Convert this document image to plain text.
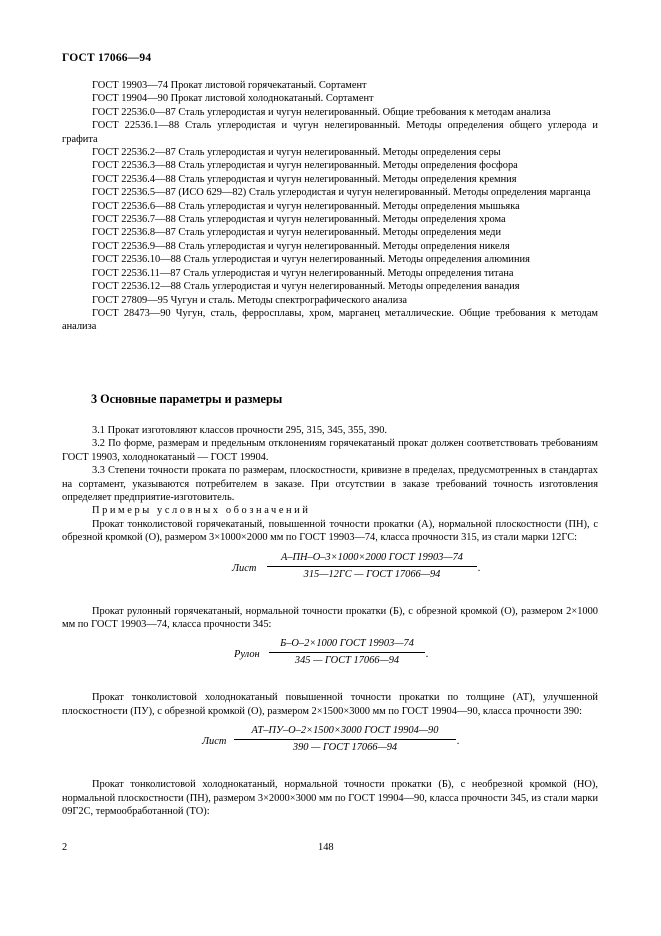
ГОСТ 17066—94

ГОСТ 19903—74 Прокат листовой горячекатаный. Сортамент

ГОСТ 19904—90 Прокат листовой холоднокатаный. Сортамент

ГОСТ 22536.0—87 Сталь углеродистая и чугун нелегированный. Общие требования к методам анализа

ГОСТ 22536.1—88 Сталь углеродистая и чугун нелегированный. Методы определения общего углерода и графита

ГОСТ 22536.2—87 Сталь углеродистая и чугун нелегированный. Методы определения серы

ГОСТ 22536.3—88 Сталь углеродистая и чугун нелегированный. Методы определения фосфора

ГОСТ 22536.4—88 Сталь углеродистая и чугун нелегированный. Методы определения кремния

ГОСТ 22536.5—87 (ИСО 629—82) Сталь углеродистая и чугун нелегированный. Методы определения марганца

ГОСТ 22536.6—88 Сталь углеродистая и чугун нелегированный. Методы определения мышьяка

ГОСТ 22536.7—88 Сталь углеродистая и чугун нелегированный. Методы определения хрома

ГОСТ 22536.8—87 Сталь углеродистая и чугун нелегированный. Методы определения меди

ГОСТ 22536.9—88 Сталь углеродистая и чугун нелегированный. Методы определения никеля

ГОСТ 22536.10—88 Сталь углеродистая и чугун нелегированный. Методы определения алюминия

ГОСТ 22536.11—87 Сталь углеродистая и чугун нелегированный. Методы определения титана

ГОСТ 22536.12—88 Сталь углеродистая и чугун нелегированный. Методы определения ванадия

ГОСТ 27809—95 Чугун и сталь. Методы спектрографического анализа

ГОСТ 28473—90 Чугун, сталь, ферросплавы, хром, марганец металлические. Общие требования к методам анализа

3 Основные параметры и размеры

3.1 Прокат изготовляют классов прочности 295, 315, 345, 355, 390.

3.2 По форме, размерам и предельным отклонениям горячекатаный прокат должен соответствовать требованиям ГОСТ 19903, холоднокатаный — ГОСТ 19904.

3.3 Степени точности проката по размерам, плоскостности, кривизне в пределах, предусмотренных в стандартах на сортамент, указываются потребителем в заказе. При отсутствии в заказе требований точность изготовления определяет предприятие-изготовитель.

Примеры условных обозначений

Прокат тонколистовой горячекатаный, повышенной точности прокатки (А), нормальной плоскостности (ПН), с обрезной кромкой (О), размером 3×1000×2000 мм по ГОСТ 19903—74, класса прочности 315, из стали марки 12ГС:

Лист
А–ПН–О–3×1000×2000 ГОСТ 19903—74
315—12ГС — ГОСТ 17066—94
.

Прокат рулонный горячекатаный, нормальной точности прокатки (Б), с обрезной кромкой (О), размером 2×1000 мм по ГОСТ 19903—74, класса прочности 345:

Рулон
Б–О–2×1000 ГОСТ 19903—74
345 — ГОСТ 17066—94
.

Прокат тонколистовой холоднокатаный повышенной точности прокатки по толщине (АТ), улучшенной плоскостности (ПУ), с обрезной кромкой (О), размером 2×1500×3000 мм по ГОСТ 19904—90, класса прочности 390:

Лист
АТ–ПУ–О–2×1500×3000 ГОСТ 19904—90
390 — ГОСТ 17066—94
.

Прокат тонколистовой холоднокатаный, нормальной точности прокатки (Б), с необрезной кромкой (НО), нормальной плоскостности (ПН), размером 3×2000×3000 мм по ГОСТ 19904—90, класса прочности 345, из стали марки 09Г2С, термообработанной (ТО):

2	148
